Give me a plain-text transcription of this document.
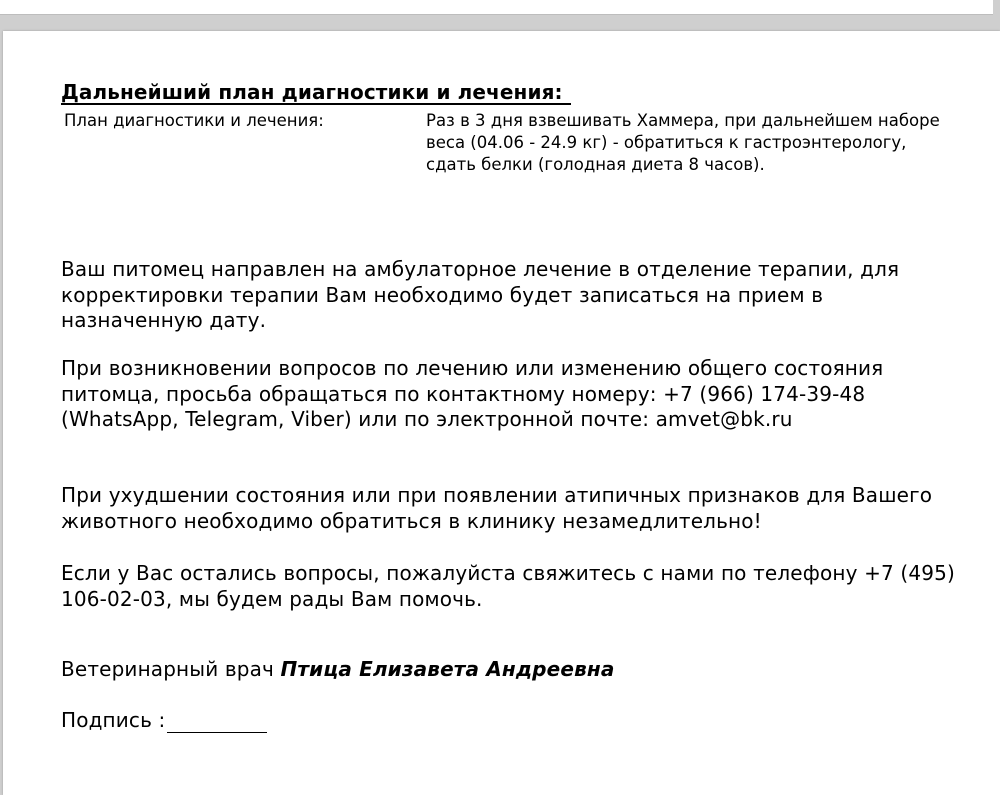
Дальнейший план диагностики и лечения:
План диагностики и лечения:	Раз в 3 дня взвешивать Хаммера, при дальнейшем наборе веса (04.06 - 24.9 кг) - обратиться к гастроэнтерологу, сдать белки (голодная диета 8 часов).
Ваш питомец направлен на амбулаторное лечение в отделение терапии, для корректировки терапии Вам необходимо будет записаться на прием в назначенную дату.
При возникновении вопросов по лечению или изменению общего состояния питомца, просьба обращаться по контактному номеру: +7 (966) 174-39-48 (WhatsApp, Telegram, Viber) или по электронной почте: amvet@bk.ru
При ухудшении состояния или при появлении атипичных признаков для Вашего животного необходимо обратиться в клинику незамедлительно!
Если у Вас остались вопросы, пожалуйста свяжитесь с нами по телефону +7 (495) 106-02-03, мы будем рады Вам помочь.
Ветеринарный врач Птица Елизавета Андреевна
Подпись :
